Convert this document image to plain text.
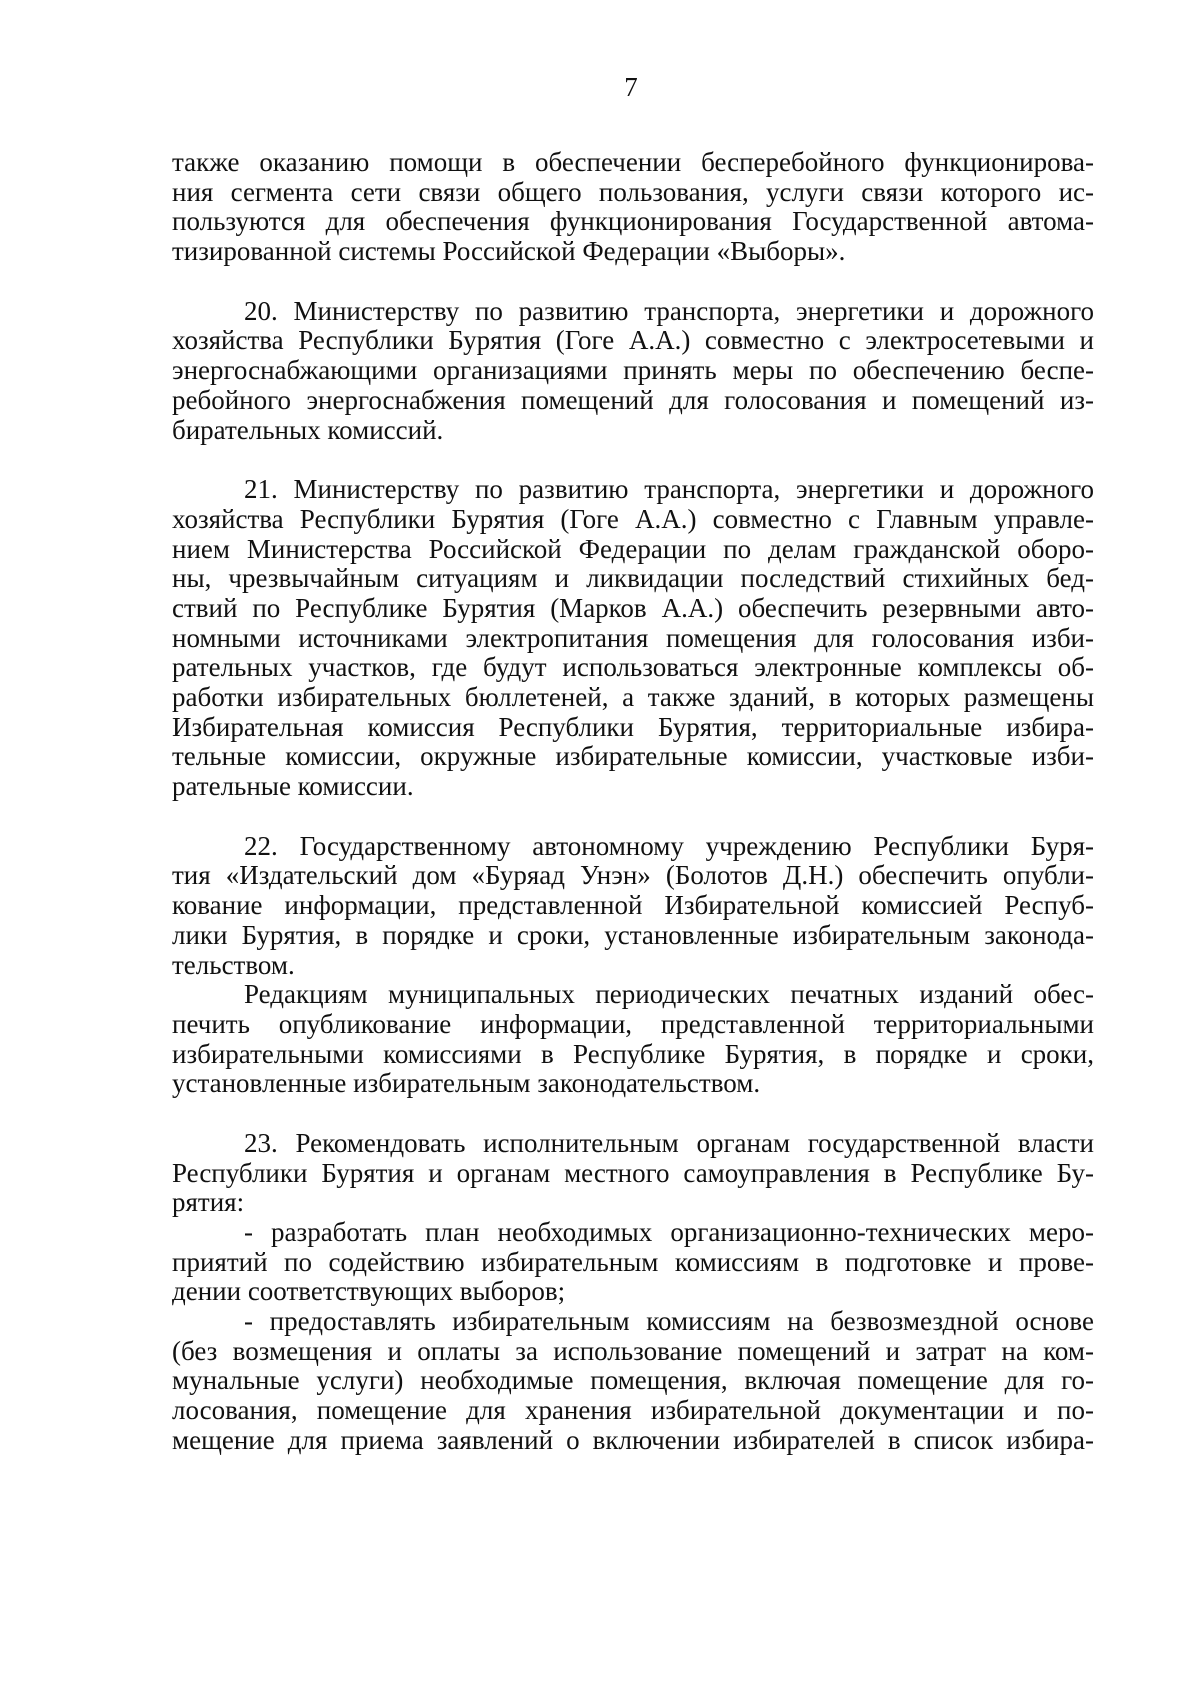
7
также оказанию помощи в обеспечении бесперебойного функционирова-
ния сегмента сети связи общего пользования, услуги связи которого ис-
пользуются для обеспечения функционирования Государственной автома-
тизированной системы Российской Федерации «Выборы».
20. Министерству по развитию транспорта, энергетики и дорожного
хозяйства Республики Бурятия (Гоге А.А.) совместно с электросетевыми и
энергоснабжающими организациями принять меры по обеспечению беспе-
ребойного энергоснабжения помещений для голосования и помещений из-
бирательных комиссий.
21. Министерству по развитию транспорта, энергетики и дорожного
хозяйства Республики Бурятия (Гоге А.А.) совместно с Главным управле-
нием Министерства Российской Федерации по делам гражданской оборо-
ны, чрезвычайным ситуациям и ликвидации последствий стихийных бед-
ствий по Республике Бурятия (Марков А.А.) обеспечить резервными авто-
номными источниками электропитания помещения для голосования изби-
рательных участков, где будут использоваться электронные комплексы об-
работки избирательных бюллетеней, а также зданий, в которых размещены
Избирательная комиссия Республики Бурятия, территориальные избира-
тельные комиссии, окружные избирательные комиссии, участковые изби-
рательные комиссии.
22. Государственному автономному учреждению Республики Буря-
тия «Издательский дом «Буряад Унэн» (Болотов Д.Н.) обеспечить опубли-
кование информации, представленной Избирательной комиссией Респуб-
лики Бурятия, в порядке и сроки, установленные избирательным законода-
тельством.
Редакциям муниципальных периодических печатных изданий обес-
печить опубликование информации, представленной территориальными
избирательными комиссиями в Республике Бурятия, в порядке и сроки,
установленные избирательным законодательством.
23. Рекомендовать исполнительным органам государственной власти
Республики Бурятия и органам местного самоуправления в Республике Бу-
рятия:
- разработать план необходимых организационно-технических меро-
приятий по содействию избирательным комиссиям в подготовке и прове-
дении соответствующих выборов;
- предоставлять избирательным комиссиям на безвозмездной основе
(без возмещения и оплаты за использование помещений и затрат на ком-
мунальные услуги) необходимые помещения, включая помещение для го-
лосования, помещение для хранения избирательной документации и по-
мещение для приема заявлений о включении избирателей в список избира-
